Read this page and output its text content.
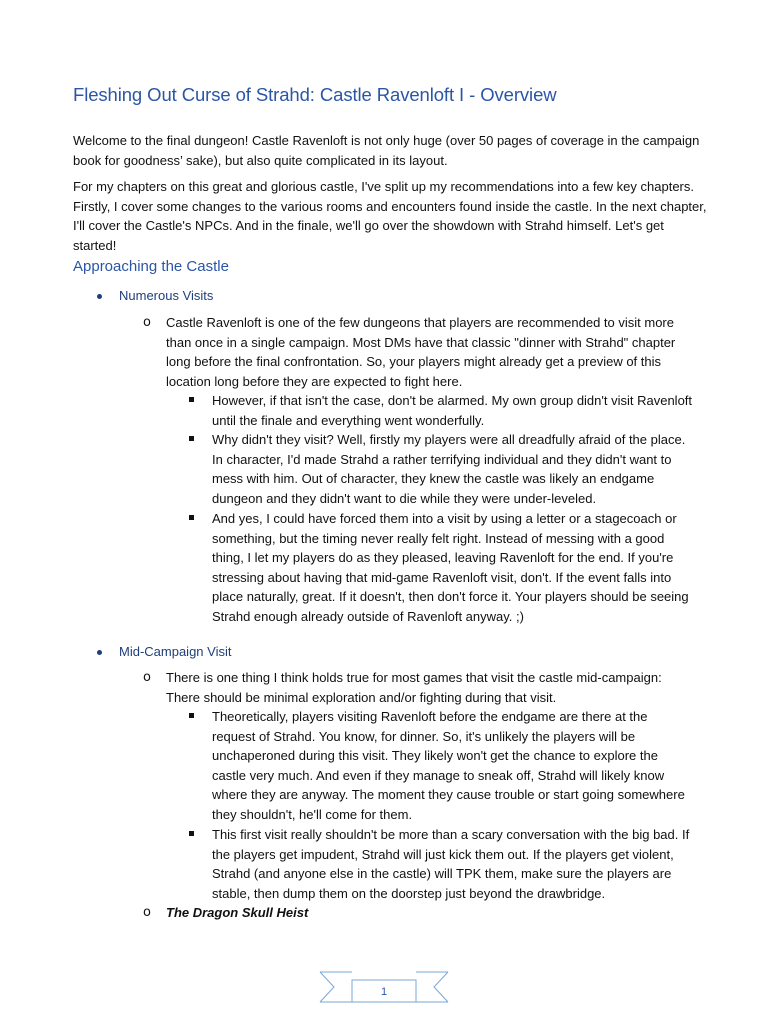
Fleshing Out Curse of Strahd: Castle Ravenloft I - Overview

Welcome to the final dungeon! Castle Ravenloft is not only huge (over 50 pages of coverage in the campaign book for goodness’ sake), but also quite complicated in its layout.

For my chapters on this great and glorious castle, I've split up my recommendations into a few key chapters. Firstly, I cover some changes to the various rooms and encounters found inside the castle. In the next chapter, I'll cover the Castle's NPCs. And in the finale, we'll go over the showdown with Strahd himself. Let's get started!

Approaching the Castle
Numerous Visits
o Castle Ravenloft is one of the few dungeons that players are recommended to visit more than once in a single campaign. Most DMs have that classic "dinner with Strahd" chapter long before the final confrontation. So, your players might already get a preview of this location long before they are expected to fight here.
However, if that isn't the case, don't be alarmed. My own group didn't visit Ravenloft until the finale and everything went wonderfully.
Why didn't they visit? Well, firstly my players were all dreadfully afraid of the place. In character, I'd made Strahd a rather terrifying individual and they didn't want to mess with him. Out of character, they knew the castle was likely an endgame dungeon and they didn't want to die while they were under-leveled.
And yes, I could have forced them into a visit by using a letter or a stagecoach or something, but the timing never really felt right. Instead of messing with a good thing, I let my players do as they pleased, leaving Ravenloft for the end. If you're stressing about having that mid-game Ravenloft visit, don't. If the event falls into place naturally, great. If it doesn't, then don't force it. Your players should be seeing Strahd enough already outside of Ravenloft anyway. ;)
Mid-Campaign Visit
o There is one thing I think holds true for most games that visit the castle mid-campaign: There should be minimal exploration and/or fighting during that visit.
Theoretically, players visiting Ravenloft before the endgame are there at the request of Strahd. You know, for dinner. So, it's unlikely the players will be unchaperoned during this visit. They likely won't get the chance to explore the castle very much. And even if they manage to sneak off, Strahd will likely know where they are anyway. The moment they cause trouble or start going somewhere they shouldn't, he'll come for them.
This first visit really shouldn't be more than a scary conversation with the big bad. If the players get impudent, Strahd will just kick them out. If the players get violent, Strahd (and anyone else in the castle) will TPK them, make sure the players are stable, then dump them on the doorstep just beyond the drawbridge.
o The Dragon Skull Heist
1
